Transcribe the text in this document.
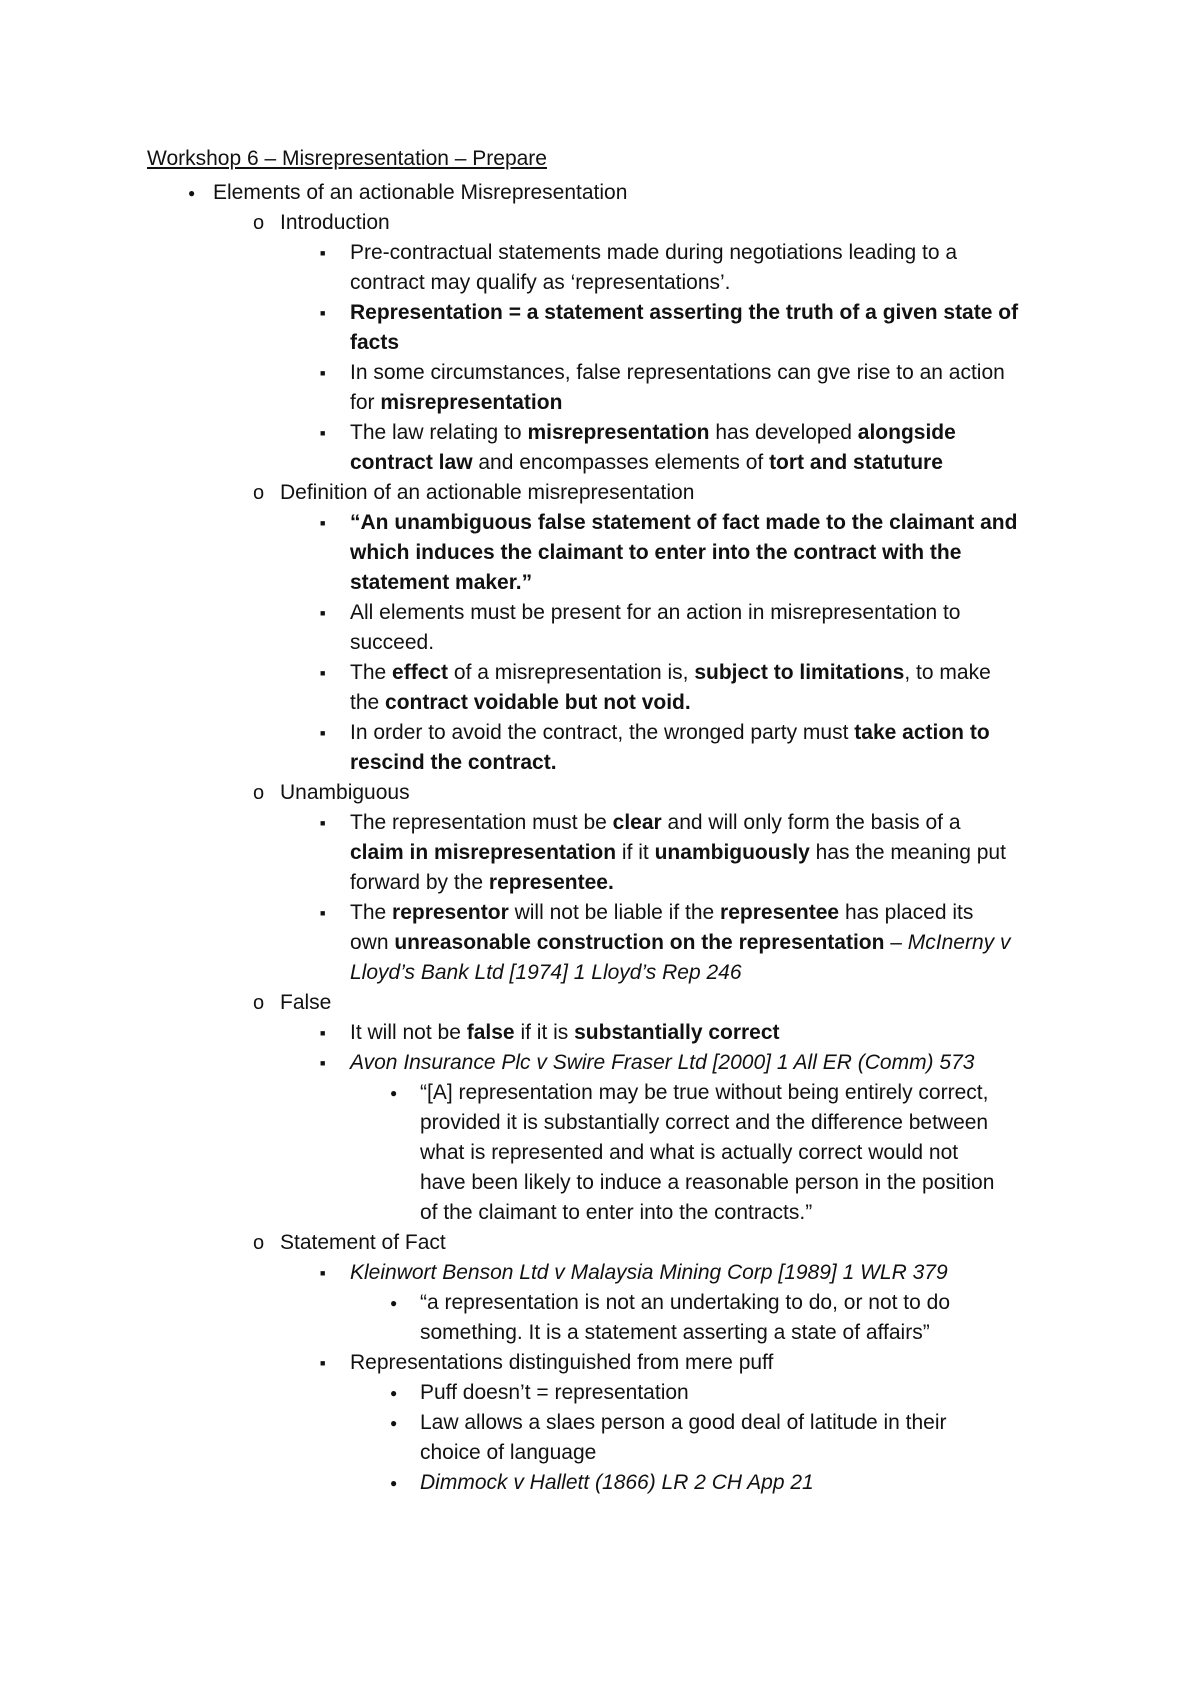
Workshop 6 – Misrepresentation – Prepare
● Elements of an actionable Misrepresentation
o Introduction
■ Pre-contractual statements made during negotiations leading to a
contract may qualify as ‘representations’.
■ Representation = a statement asserting the truth of a given state of
facts
■ In some circumstances, false representations can gve rise to an action
for misrepresentation
■ The law relating to misrepresentation has developed alongside
contract law and encompasses elements of tort and statuture
o Definition of an actionable misrepresentation
■ “An unambiguous false statement of fact made to the claimant and
which induces the claimant to enter into the contract with the
statement maker.”
■ All elements must be present for an action in misrepresentation to
succeed.
■ The effect of a misrepresentation is, subject to limitations, to make
the contract voidable but not void.
■ In order to avoid the contract, the wronged party must take action to
rescind the contract.
o Unambiguous
■ The representation must be clear and will only form the basis of a
claim in misrepresentation if it unambiguously has the meaning put
forward by the representee.
■ The representor will not be liable if the representee has placed its
own unreasonable construction on the representation – McInerny v
Lloyd’s Bank Ltd [1974] 1 Lloyd’s Rep 246
o False
■ It will not be false if it is substantially correct
■ Avon Insurance Plc v Swire Fraser Ltd [2000] 1 All ER (Comm) 573
● “[A] representation may be true without being entirely correct,
provided it is substantially correct and the difference between
what is represented and what is actually correct would not
have been likely to induce a reasonable person in the position
of the claimant to enter into the contracts.”
o Statement of Fact
■ Kleinwort Benson Ltd v Malaysia Mining Corp [1989] 1 WLR 379
● “a representation is not an undertaking to do, or not to do
something. It is a statement asserting a state of affairs”
■ Representations distinguished from mere puff
● Puff doesn’t = representation
● Law allows a slaes person a good deal of latitude in their
choice of language
● Dimmock v Hallett (1866) LR 2 CH App 21
